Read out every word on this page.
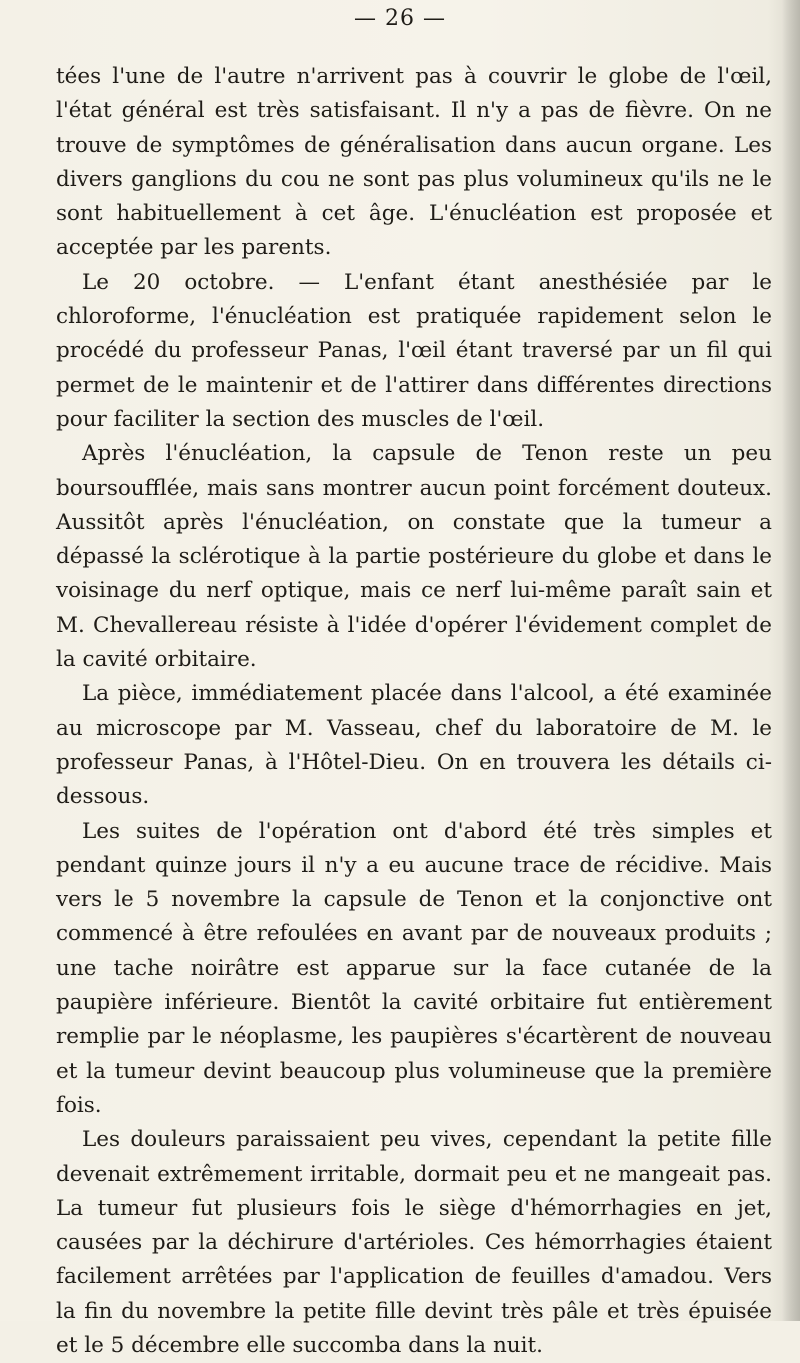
— 26 —

tées l'une de l'autre n'arrivent pas à couvrir le globe de l'œil, l'état général est très satisfaisant. Il n'y a pas de fièvre. On ne trouve de symptômes de généralisation dans aucun organe. Les divers ganglions du cou ne sont pas plus volumineux qu'ils ne le sont habituellement à cet âge. L'énucléation est proposée et acceptée par les parents.

Le 20 octobre. — L'enfant étant anesthésiée par le chloroforme, l'énucléation est pratiquée rapidement selon le procédé du professeur Panas, l'œil étant traversé par un fil qui permet de le maintenir et de l'attirer dans différentes directions pour faciliter la section des muscles de l'œil.

Après l'énucléation, la capsule de Tenon reste un peu boursoufflée, mais sans montrer aucun point forcément douteux. Aussitôt après l'énucléation, on constate que la tumeur a dépassé la sclérotique à la partie postérieure du globe et dans le voisinage du nerf optique, mais ce nerf lui-même paraît sain et M. Chevallereau résiste à l'idée d'opérer l'évidement complet de la cavité orbitaire.

La pièce, immédiatement placée dans l'alcool, a été examinée au microscope par M. Vasseau, chef du laboratoire de M. le professeur Panas, à l'Hôtel-Dieu. On en trouvera les détails ci-dessous.

Les suites de l'opération ont d'abord été très simples et pendant quinze jours il n'y a eu aucune trace de récidive. Mais vers le 5 novembre la capsule de Tenon et la conjonctive ont commencé à être refoulées en avant par de nouveaux produits ; une tache noirâtre est apparue sur la face cutanée de la paupière inférieure. Bientôt la cavité orbitaire fut entièrement remplie par le néoplasme, les paupières s'écartèrent de nouveau et la tumeur devint beaucoup plus volumineuse que la première fois.

Les douleurs paraissaient peu vives, cependant la petite fille devenait extrêmement irritable, dormait peu et ne mangeait pas. La tumeur fut plusieurs fois le siège d'hémorrhagies en jet, causées par la déchirure d'artérioles. Ces hémorrhagies étaient facilement arrêtées par l'application de feuilles d'amadou. Vers la fin du novembre la petite fille devint très pâle et très épuisée et le 5 décembre elle succomba dans la nuit.
